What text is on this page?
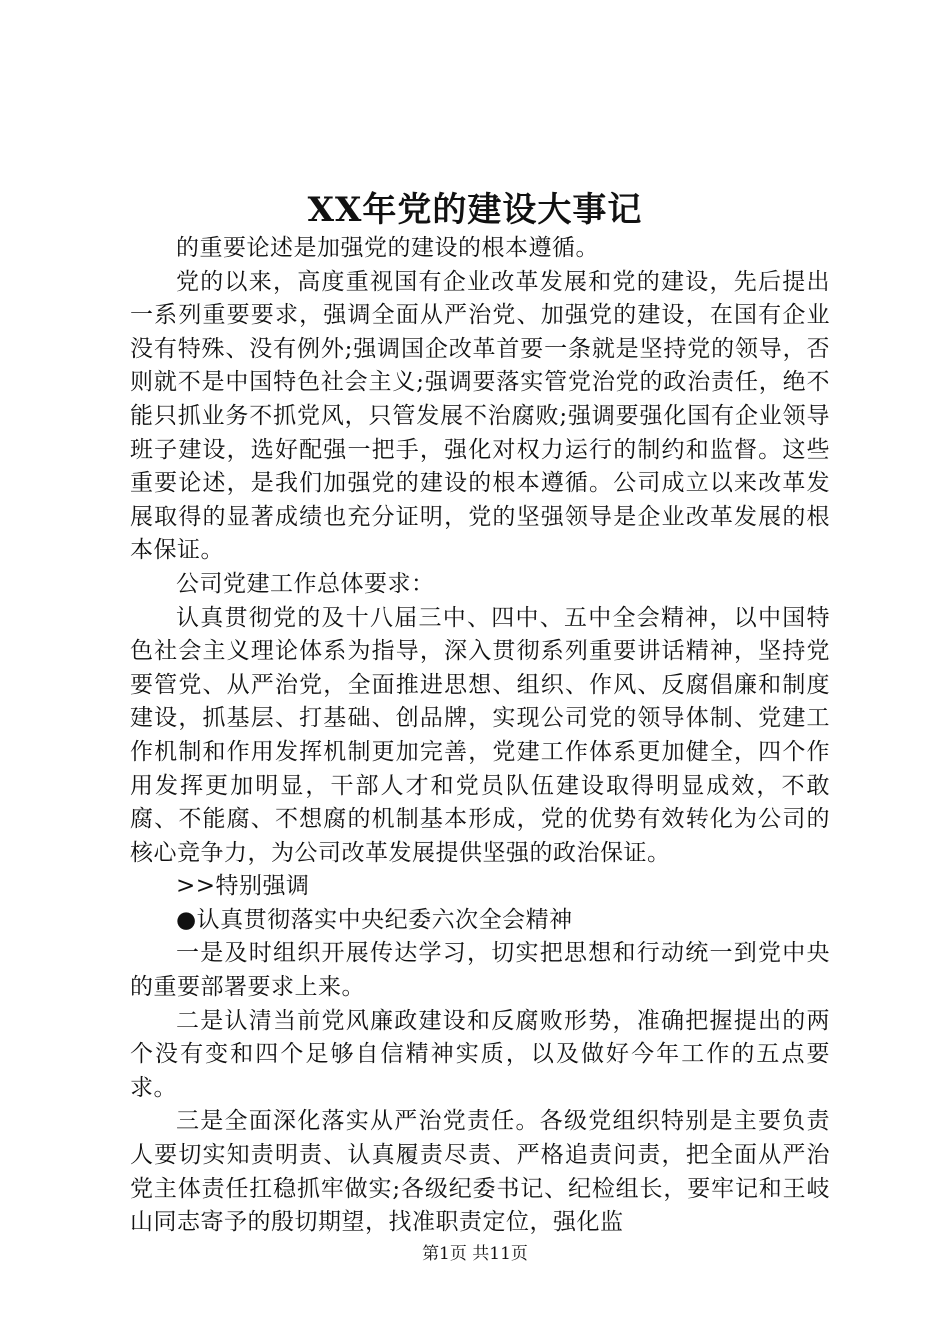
XX年党的建设大事记

的重要论述是加强党的建设的根本遵循。

党的以来，高度重视国有企业改革发展和党的建设，先后提出一系列重要要求，强调全面从严治党、加强党的建设，在国有企业没有特殊、没有例外;强调国企改革首要一条就是坚持党的领导，否则就不是中国特色社会主义;强调要落实管党治党的政治责任，绝不能只抓业务不抓党风，只管发展不治腐败;强调要强化国有企业领导班子建设，选好配强一把手，强化对权力运行的制约和监督。这些重要论述，是我们加强党的建设的根本遵循。公司成立以来改革发展取得的显著成绩也充分证明，党的坚强领导是企业改革发展的根本保证。

公司党建工作总体要求：

认真贯彻党的及十八届三中、四中、五中全会精神，以中国特色社会主义理论体系为指导，深入贯彻系列重要讲话精神，坚持党要管党、从严治党，全面推进思想、组织、作风、反腐倡廉和制度建设，抓基层、打基础、创品牌，实现公司党的领导体制、党建工作机制和作用发挥机制更加完善，党建工作体系更加健全，四个作用发挥更加明显，干部人才和党员队伍建设取得明显成效，不敢腐、不能腐、不想腐的机制基本形成，党的优势有效转化为公司的核心竞争力，为公司改革发展提供坚强的政治保证。

>>特别强调

●认真贯彻落实中央纪委六次全会精神

一是及时组织开展传达学习，切实把思想和行动统一到党中央的重要部署要求上来。

二是认清当前党风廉政建设和反腐败形势，准确把握提出的两个没有变和四个足够自信精神实质，以及做好今年工作的五点要求。

三是全面深化落实从严治党责任。各级党组织特别是主要负责人要切实知责明责、认真履责尽责、严格追责问责，把全面从严治党主体责任扛稳抓牢做实;各级纪委书记、纪检组长，要牢记和王岐山同志寄予的殷切期望，找准职责定位，强化监

第1页 共11页
